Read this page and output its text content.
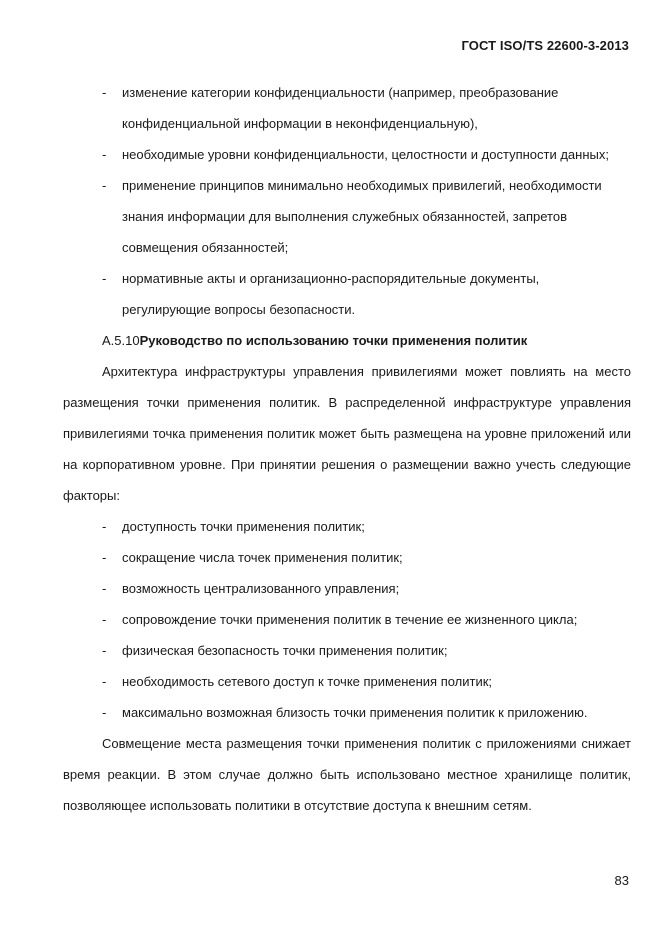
ГОСТ ISO/TS 22600-3-2013
- изменение категории конфиденциальности (например, преобразование конфиденциальной информации в неконфиденциальную),
- необходимые уровни конфиденциальности, целостности и доступности данных;
- применение принципов минимально необходимых привилегий, необходимости знания информации для выполнения служебных обязанностей, запретов совмещения обязанностей;
- нормативные акты и организационно-распорядительные документы, регулирующие вопросы безопасности.
А.5.10Руководство по использованию точки применения политик

Архитектура инфраструктуры управления привилегиями может повлиять на место размещения точки применения политик. В распределенной инфраструктуре управления привилегиями точка применения политик может быть размещена на уровне приложений или на корпоративном уровне. При принятии решения о размещении важно учесть следующие факторы:

- доступность точки применения политик;
- сокращение числа точек применения политик;
- возможность централизованного управления;
- сопровождение точки применения политик в течение ее жизненного цикла;
- физическая безопасность точки применения политик;
- необходимость сетевого доступ к точке применения политик;
- максимально возможная близость точки применения политик к приложению.

Совмещение места размещения точки применения политик с приложениями снижает время реакции. В этом случае должно быть использовано местное хранилище политик, позволяющее использовать политики в отсутствие доступа к внешним сетям.

83
